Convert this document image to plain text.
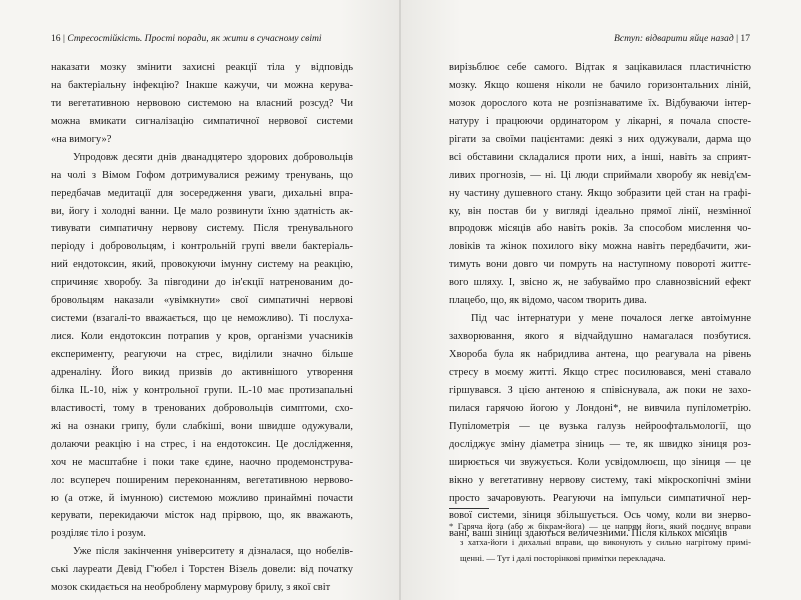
16 | Стресостійкість. Прості поради, як жити в сучасному світі
наказати мозку змінити захисні реакції тіла у відповідь
на бактеріальну інфекцію? Інакше кажучи, чи можна керува-
ти вегетативною нервовою системою на власний розсуд? Чи
можна вмикати сигналізацію симпатичної нервової системи
«на вимогу»?
Упродовж десяти днів дванадцятеро здорових добровольців
на чолі з Вімом Гофом дотримувалися режиму тренувань, що
передбачав медитації для зосередження уваги, дихальні впра-
ви, йогу і холодні ванни. Це мало розвинути їхню здатність ак-
тивувати симпатичну нервову систему. Після тренувального
періоду і добровольцям, і контрольній групі ввели бактеріаль-
ний ендотоксин, який, провокуючи імунну систему на реакцію,
спричиняє хворобу. За півгодини до ін'єкції натренованим до-
бровольцям наказали «увімкнути» свої симпатичні нервові
системи (взагалі-то вважається, що це неможливо). Ті послуха-
лися. Коли ендотоксин потрапив у кров, організми учасників
експерименту, реагуючи на стрес, виділили значно більше
адреналіну. Його викид призвів до активнішого утворення
білка IL-10, ніж у контрольної групи. IL-10 має протизапальні
властивості, тому в тренованих добровольців симптоми, схо-
жі на ознаки грипу, були слабкіші, вони швидше одужували,
долаючи реакцію і на стрес, і на ендотоксин. Це дослідження,
хоч не масштабне і поки таке єдине, наочно продемонструва-
ло: всупереч поширеним переконанням, вегетативною нервово-
ю (а отже, й імунною) системою можливо принаймні почасти
керувати, перекидаючи місток над прірвою, що, як вважають,
розділяє тіло і розум.
Уже після закінчення університету я дізналася, що нобелів-
ські лауреати Девід Г'юбел і Торстен Візель довели: від початку
мозок скидається на необроблену мармурову брилу, з якої світ
Вступ: відварити яйце назад | 17
вирізьблює себе самого. Відтак я зацікавилася пластичністю
мозку. Якщо кошеня ніколи не бачило горизонтальних ліній,
мозок дорослого кота не розпізнаватиме їх. Відбуваючи інтер-
натуру і працюючи ординатором у лікарні, я почала спосте-
рігати за своїми пацієнтами: деякі з них одужували, дарма що
всі обставини складалися проти них, а інші, навіть за сприят-
ливих прогнозів, — ні. Ці люди сприймали хворобу як невід'єм-
ну частину душевного стану. Якщо зобразити цей стан на графі-
ку, він постав би у вигляді ідеально прямої лінії, незмінної
впродовж місяців або навіть років. За способом мислення чо-
ловіків та жінок похилого віку можна навіть передбачити, жи-
тимуть вони довго чи помруть на наступному повороті життє-
вого шляху. І, звісно ж, не забуваймо про славнозвісний ефект
плацебо, що, як відомо, часом творить дива.
Під час інтернатури у мене почалося легке автоімунне
захворювання, якого я відчайдушно намагалася позбутися.
Хвороба була як набридлива антена, що реагувала на рівень
стресу в моєму житті. Якщо стрес посилювався, мені ставало
гіршувався. З цією антеною я співіснувала, аж поки не захо-
пилася гарячою йогою у Лондоні*, не вивчила пупілометрію.
Пупілометрія — це вузька галузь нейроофтальмології, що
досліджує зміну діаметра зіниць — те, як швидко зіниця роз-
ширюється чи звужується. Коли усвідомлюєш, що зіниця — це
вікно у вегетативну нервову систему, такі мікроскопічні зміни
просто зачаровують. Реагуючи на імпульси симпатичної нер-
вової системи, зіниця збільшується. Ось чому, коли ви знерво-
вані, ваші зіниці здаються величезними. Після кількох місяців
* Гаряча йога (або ж бікрам-йога) — це напрям йоги, який поєднує вправи
з хатха-йоги і дихальні вправи, що виконують у сильно нагрітому примі-
щенні. — Тут і далі посторінкові примітки перекладача.
